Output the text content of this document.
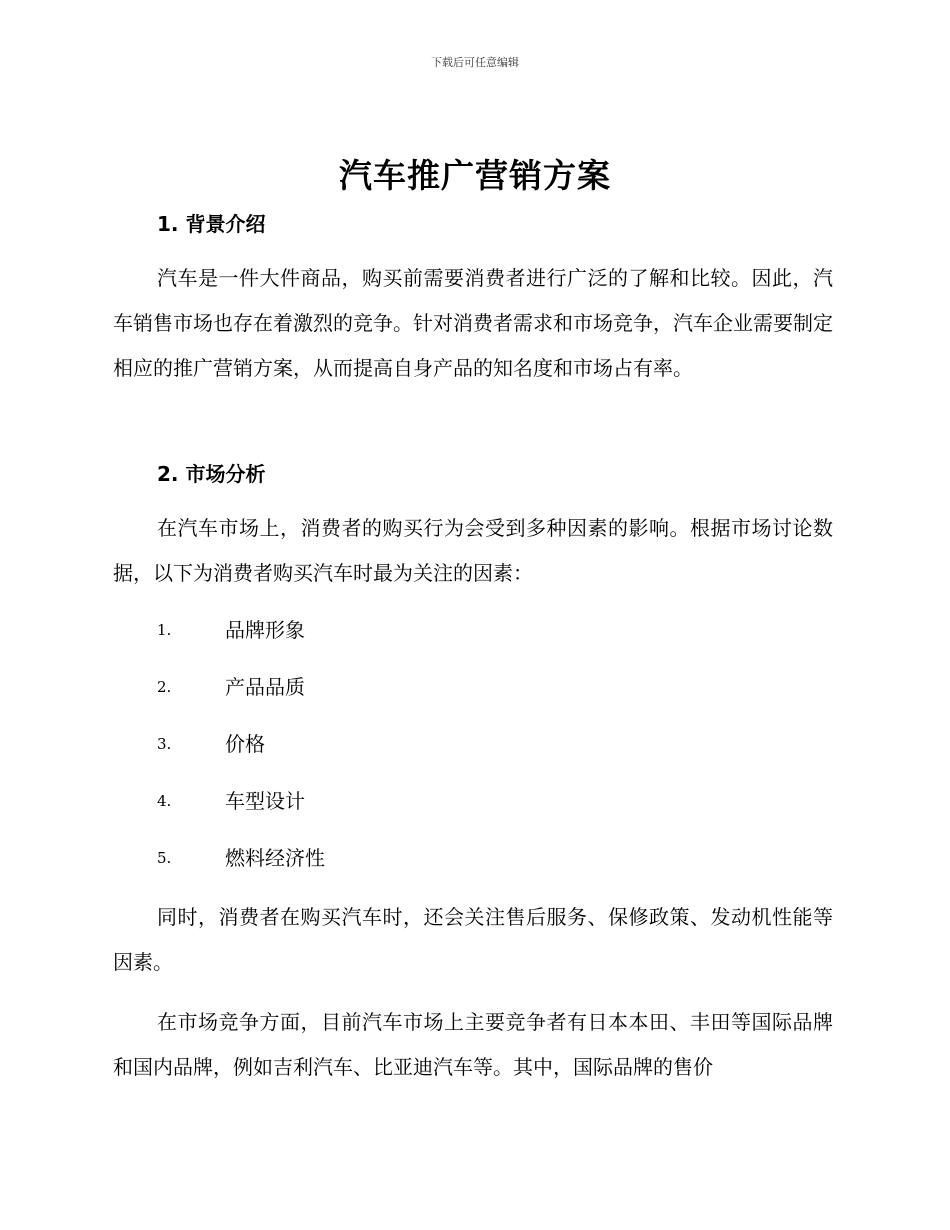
下载后可任意编辑
汽车推广营销方案
1. 背景介绍

汽车是一件大件商品，购买前需要消费者进行广泛的了解和比较。因此，汽车销售市场也存在着激烈的竞争。针对消费者需求和市场竞争，汽车企业需要制定相应的推广营销方案，从而提高自身产品的知名度和市场占有率。

2. 市场分析

在汽车市场上，消费者的购买行为会受到多种因素的影响。根据市场讨论数据，以下为消费者购买汽车时最为关注的因素：

1.	品牌形象
2.	产品品质
3.	价格
4.	车型设计
5.	燃料经济性

同时，消费者在购买汽车时，还会关注售后服务、保修政策、发动机性能等因素。

在市场竞争方面，目前汽车市场上主要竞争者有日本本田、丰田等国际品牌和国内品牌，例如吉利汽车、比亚迪汽车等。其中，国际品牌的售价
